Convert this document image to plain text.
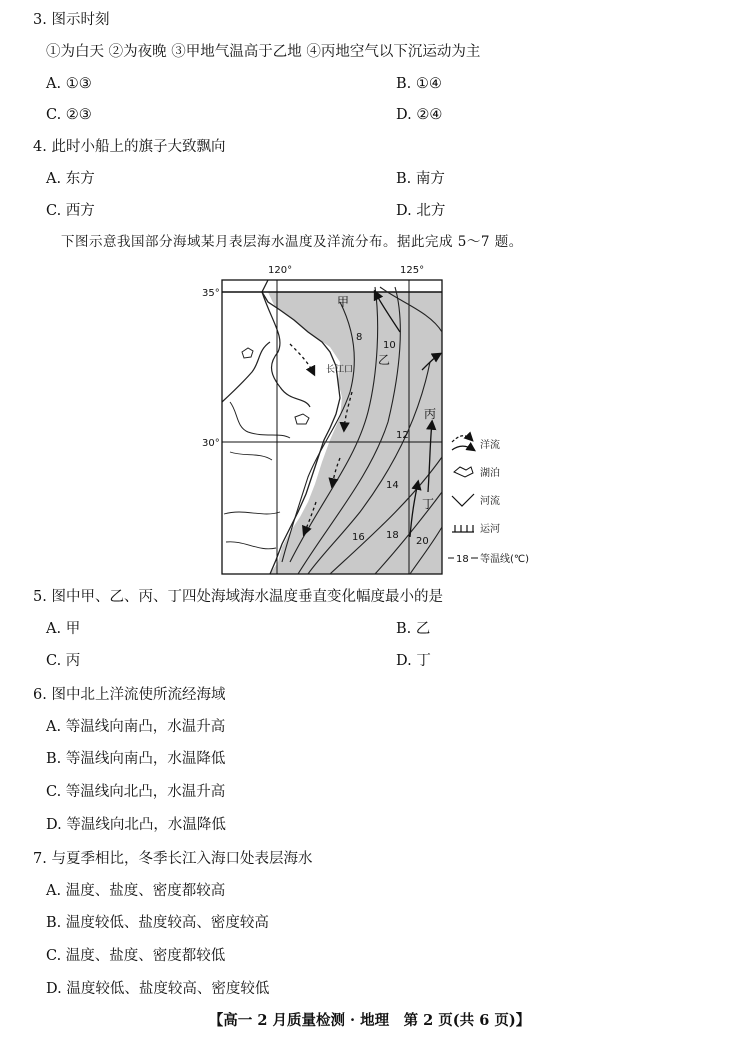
3. 图示时刻
①为白天 ②为夜晚 ③甲地气温高于乙地 ④丙地空气以下沉运动为主
A. ①③	B. ①④
C. ②③	D. ②④
4. 此时小船上的旗子大致飘向
A. 东方	B. 南方
C. 西方	D. 北方
下图示意我国部分海域某月表层海水温度及洋流分布。据此完成 5～7 题。
120°	125°
35°
30°
甲
乙
丙
丁
长江口
8
10
12
14
16 18
20
洋流
湖泊
河流
运河
18 等温线(℃)
5. 图中甲、乙、丙、丁四处海域海水温度垂直变化幅度最小的是
A. 甲	B. 乙
C. 丙	D. 丁
6. 图中北上洋流使所流经海域
A. 等温线向南凸，水温升高
B. 等温线向南凸，水温降低
C. 等温线向北凸，水温升高
D. 等温线向北凸，水温降低
7. 与夏季相比，冬季长江入海口处表层海水
A. 温度、盐度、密度都较高
B. 温度较低、盐度较高、密度较高
C. 温度、盐度、密度都较低
D. 温度较低、盐度较高、密度较低
【高一 2 月质量检测 · 地理　第 2 页(共 6 页)】
